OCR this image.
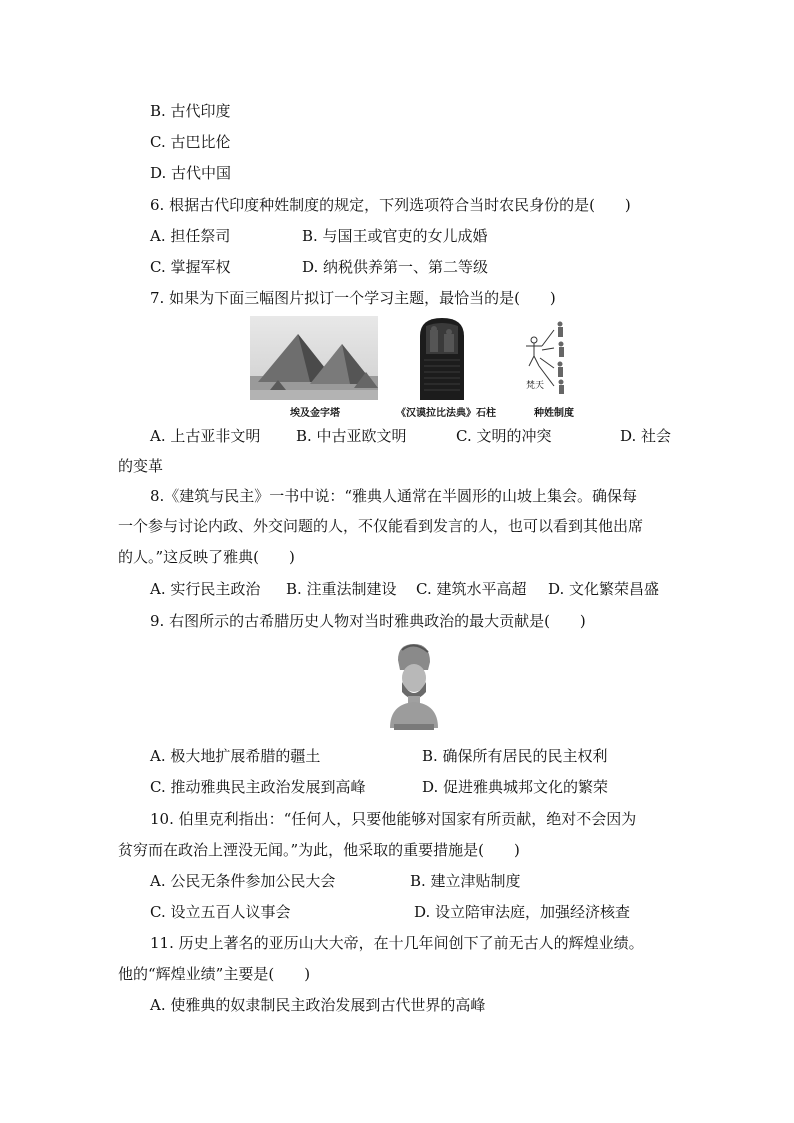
B. 古代印度
C. 古巴比伦
D. 古代中国
6. 根据古代印度种姓制度的规定，下列选项符合当时农民身份的是(　　)
A. 担任祭司	B. 与国王或官吏的女儿成婚
C. 掌握军权	D. 纳税供养第一、第二等级
7. 如果为下面三幅图片拟订一个学习主题，最恰当的是(　　)
埃及金字塔	《汉谟拉比法典》石柱
梵天
种姓制度
A. 上古亚非文明 B. 中古亚欧文明	C. 文明的冲突	D. 社会
的变革
8.《建筑与民主》一书中说：“雅典人通常在半圆形的山坡上集会。确保每
一个参与讨论内政、外交问题的人，不仅能看到发言的人，也可以看到其他出席
的人。”这反映了雅典(　　)
A. 实行民主政治 B. 注重法制建设 C. 建筑水平高超 D. 文化繁荣昌盛
9. 右图所示的古希腊历史人物对当时雅典政治的最大贡献是(　　)
A. 极大地扩展希腊的疆土	B. 确保所有居民的民主权利
C. 推动雅典民主政治发展到高峰	D. 促进雅典城邦文化的繁荣
10. 伯里克利指出：“任何人，只要他能够对国家有所贡献，绝对不会因为
贫穷而在政治上湮没无闻。”为此，他采取的重要措施是(　　)
A. 公民无条件参加公民大会	B. 建立津贴制度
C. 设立五百人议事会	D. 设立陪审法庭，加强经济核查
11. 历史上著名的亚历山大大帝，在十几年间创下了前无古人的辉煌业绩。
他的“辉煌业绩”主要是(　　)
A. 使雅典的奴隶制民主政治发展到古代世界的高峰
